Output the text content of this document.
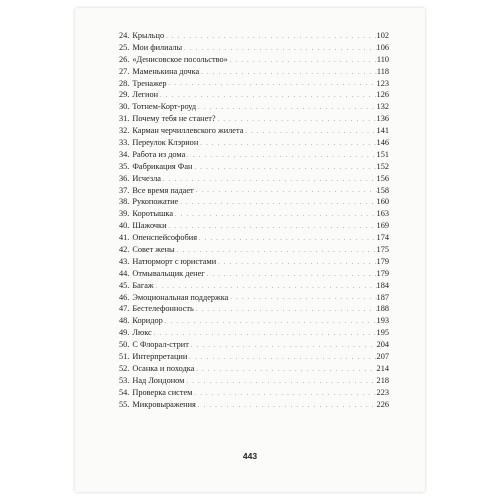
24. Крыльцо . . .	102
25. Мои филиалы . . .	106
26. «Денисовское посольство» . . .	110
27. Маменькина дочка . . .	118
28. Тренажер . . .	123
29. Легион . . .	126
30. Тотнем-Корт-роуд . . .	132
31. Почему тебя не станет? . . .	136
32. Карман черчиллевского жилета . . .	141
33. Переулок Клэрион . . .	146
34. Работа из дома . . .	151
35. Фабрикация Фан . . .	152
36. Исчезла . . .	156
37. Все время падает . . .	158
38. Рукопожатие . . .	160
39. Коротышка . . .	163
40. Шажочки . . .	169
41. Опенспейсофобия . . .	174
42. Совет жены . . .	175
43. Натюрморт с юристами . . .	179
44. Отмывальщик денег . . .	179
45. Багаж . . .	184
46. Эмоциональная поддержка . . .	187
47. Бестелефонность . . .	188
48. Коридор . . .	193
49. Люкс . . .	195
50. С Флорал-стрит . . .	204
51. Интерпретации . . .	207
52. Осанка и походка . . .	214
53. Над Лондоном . . .	218
54. Проверка систем . . .	223
55. Микровыражения . . .	226
443
